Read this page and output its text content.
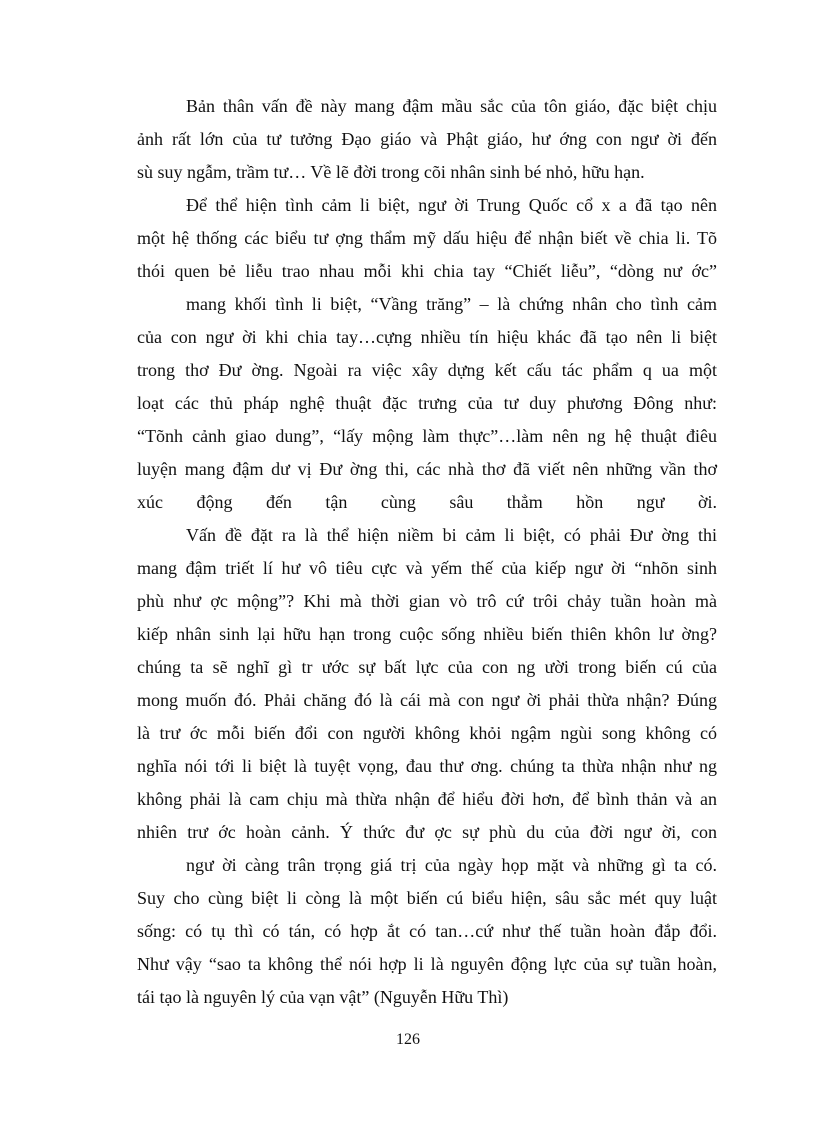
Bản thân vấn đề này mang đậm mầu sắc của tôn giáo, đặc biệt chịu
ảnh rất lớn của tư tưởng Đạo giáo và Phật giáo, hư ớng con ngư ời đến
sù suy ngẫm, trầm tư… Về lẽ đời trong cõi nhân sinh bé nhỏ, hữu hạn.
Để thể hiện tình cảm li biệt, ngư ời Trung Quốc cổ x a đã tạo nên
một hệ thống các biểu tư ợng thẩm mỹ dấu hiệu để nhận biết về chia li. Tõ
thói quen bẻ liễu trao nhau mỗi khi chia tay “Chiết liễu”, “dòng nư ớc”
mang khối tình li biệt, “Vầng trăng” – là chứng nhân cho tình cảm
của con ngư ời khi chia tay…cựng nhiều tín hiệu khác đã tạo nên li biệt
trong thơ Đư ờng. Ngoài ra việc xây dựng kết cấu tác phẩm q ua một
loạt các thủ pháp nghệ thuật đặc trưng của tư duy phương Đông như:
“Tõnh cảnh giao dung”, “lấy mộng làm thực”…làm nên ng hệ thuật điêu
luyện mang đậm dư vị Đư ờng thi, các nhà thơ đã viết nên những vần thơ
xúc động đến tận cùng sâu thẳm hồn ngư ời.
Vấn đề đặt ra là thể hiện niềm bi cảm li biệt, có phải Đư ờng thi
mang đậm triết lí hư vô tiêu cực và yếm thế của kiếp ngư ời “nhõn sinh
phù như ợc mộng”? Khi mà thời gian vò trô cứ trôi chảy tuần hoàn mà
kiếp nhân sinh lại hữu hạn trong cuộc sống nhiều biến thiên khôn lư ờng?
chúng ta sẽ nghĩ gì tr ước sự bất lực của con ng ười trong biến cú của
mong muốn đó. Phải chăng đó là cái mà con ngư ời phải thừa nhận? Đúng
là trư ớc mỗi biến đổi con người không khỏi ngậm ngùi song không có
nghĩa nói tới li biệt là tuyệt vọng, đau thư ơng. chúng ta thừa nhận như ng
không phải là cam chịu mà thừa nhận để hiểu đời hơn, để bình thản và an
nhiên trư ớc hoàn cảnh. Ý thức đư ợc sự phù du của đời ngư ời, con
ngư ời càng trân trọng giá trị của ngày họp mặt và những gì ta có.
Suy cho cùng biệt li còng là một biến cú biểu hiện, sâu sắc mét quy luật
sống: có tụ thì có tán, có hợp ắt có tan…cứ như thế tuần hoàn đắp đổi.
Như vậy “sao ta không thể nói hợp li là nguyên động lực của sự tuần hoàn,
tái tạo là nguyên lý của vạn vật” (Nguyễn Hữu Thì)
126
